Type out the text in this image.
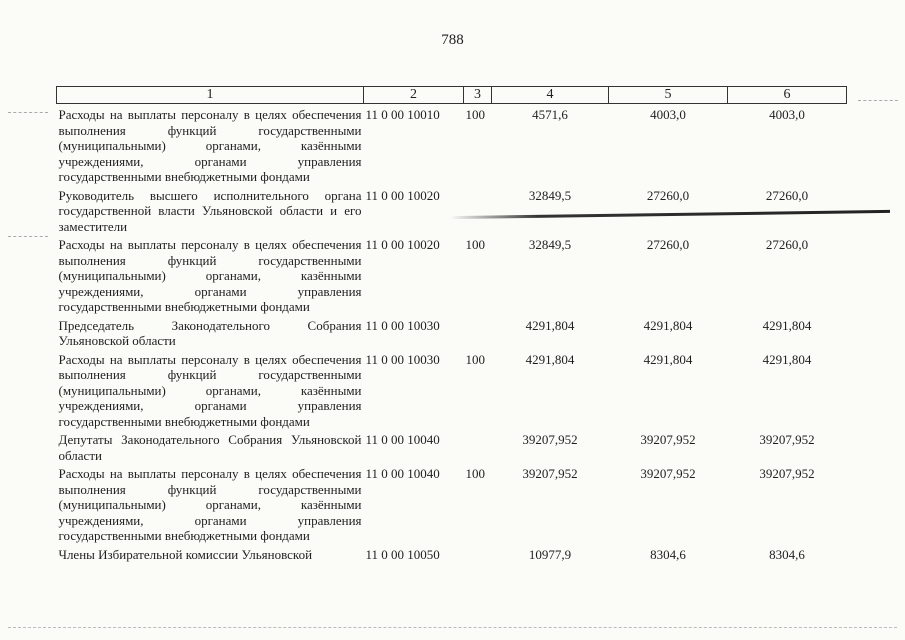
788
1	2	3	4	5	6
Расходы на выплаты персоналу в целях обеспечения выполнения функций государственными (муниципальными) органами, казёнными учреждениями, органами управления государственными внебюджетными фондами	11 0 00 10010	100	4571,6	4003,0	4003,0
Руководитель высшего исполнительного органа государственной власти Ульяновской области и его заместители	11 0 00 10020		32849,5	27260,0	27260,0
Расходы на выплаты персоналу в целях обеспечения выполнения функций государственными (муниципальными) органами, казёнными учреждениями, органами управления государственными внебюджетными фондами	11 0 00 10020	100	32849,5	27260,0	27260,0
Председатель Законодательного Собрания Ульяновской области	11 0 00 10030		4291,804	4291,804	4291,804
Расходы на выплаты персоналу в целях обеспечения выполнения функций государственными (муниципальными) органами, казёнными учреждениями, органами управления государственными внебюджетными фондами	11 0 00 10030	100	4291,804	4291,804	4291,804
Депутаты Законодательного Собрания Ульяновской области	11 0 00 10040		39207,952	39207,952	39207,952
Расходы на выплаты персоналу в целях обеспечения выполнения функций государственными (муниципальными) органами, казёнными учреждениями, органами управления государственными внебюджетными фондами	11 0 00 10040	100	39207,952	39207,952	39207,952
Члены Избирательной комиссии Ульяновской	11 0 00 10050		10977,9	8304,6	8304,6
